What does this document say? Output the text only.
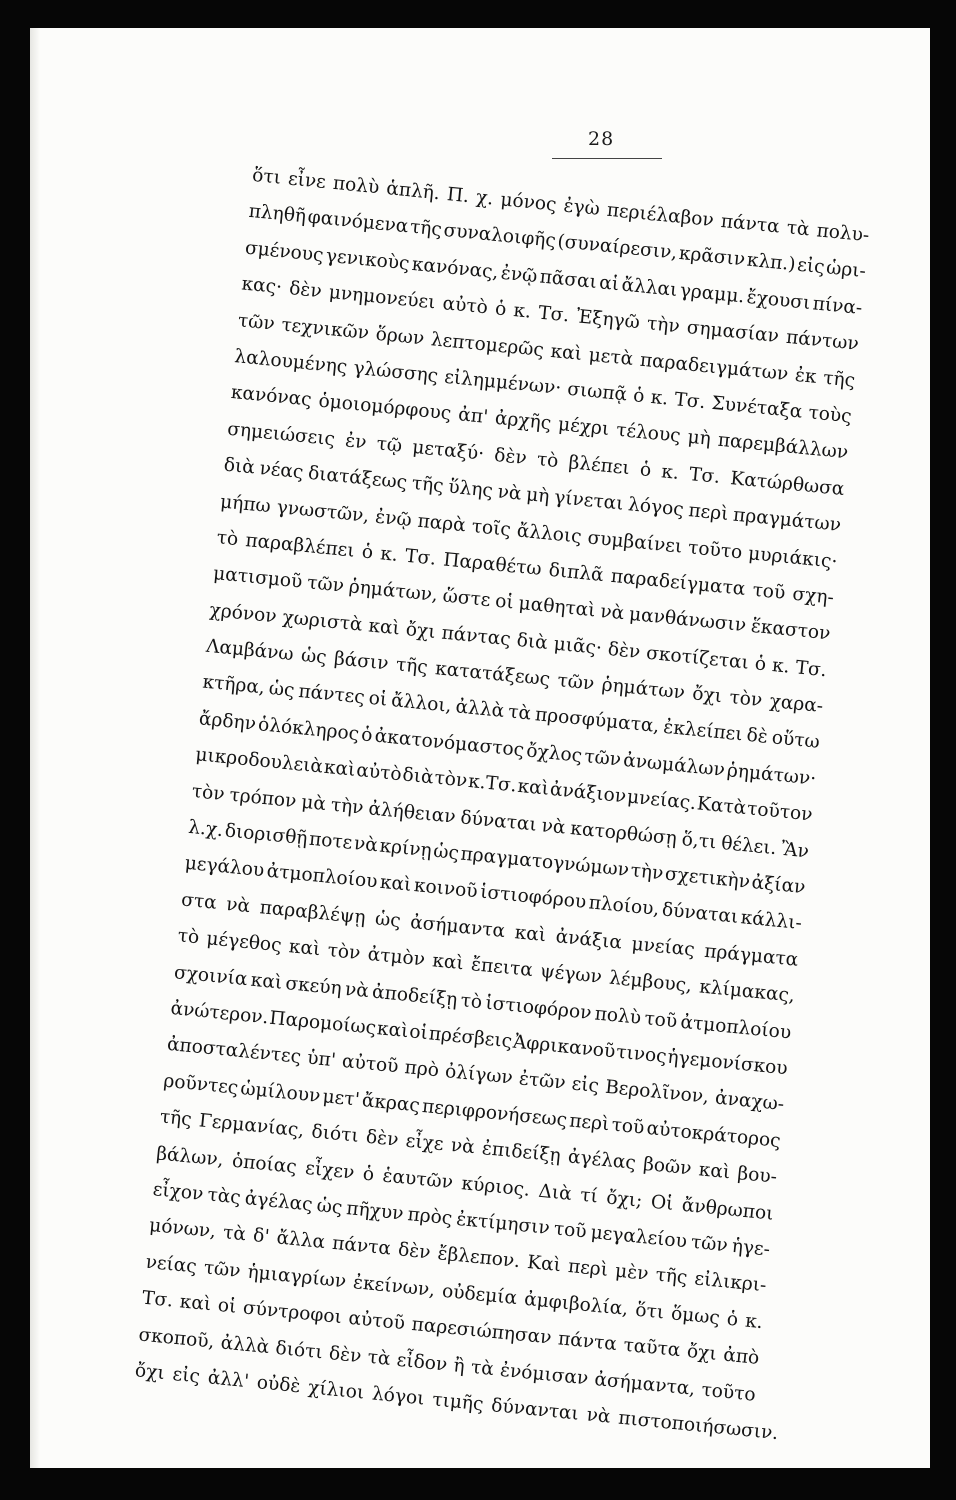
28
ὅτι εἶνε πολὺ ἁπλῆ. Π. χ. μόνος ἐγὼ περιέλαβον πάντα τὰ πολυ-
πληθῆ φαινόμενα τῆς συναλοιφῆς (συναίρεσιν, κρᾶσιν κλπ.) εἰς ὡρι-
σμένους γενικοὺς κανόνας, ἐνῷ πᾶσαι αἱ ἄλλαι γραμμ. ἔχουσι πίνα-
κας· δὲν μνημονεύει αὐτὸ ὁ κ. Τσ. Ἐξηγῶ τὴν σημασίαν πάντων
τῶν τεχνικῶν ὅρων λεπτομερῶς καὶ μετὰ παραδειγμάτων ἐκ τῆς
λαλουμένης γλώσσης εἰλημμένων· σιωπᾷ ὁ κ. Τσ. Συνέταξα τοὺς
κανόνας ὁμοιομόρφους ἀπ' ἀρχῆς μέχρι τέλους μὴ παρεμβάλλων
σημειώσεις ἐν τῷ μεταξύ· δὲν τὸ βλέπει ὁ κ. Τσ. Κατώρθωσα
διὰ νέας διατάξεως τῆς ὕλης νὰ μὴ γίνεται λόγος περὶ πραγμάτων
μήπω γνωστῶν, ἐνῷ παρὰ τοῖς ἄλλοις συμβαίνει τοῦτο μυριάκις·
τὸ παραβλέπει ὁ κ. Τσ. Παραθέτω διπλᾶ παραδείγματα τοῦ σχη-
ματισμοῦ τῶν ῥημάτων, ὥστε οἱ μαθηταὶ νὰ μανθάνωσιν ἕκαστον
χρόνον χωριστὰ καὶ ὄχι πάντας διὰ μιᾶς· δὲν σκοτίζεται ὁ κ. Τσ.
Λαμβάνω ὡς βάσιν τῆς κατατάξεως τῶν ῥημάτων ὄχι τὸν χαρα-
κτῆρα, ὡς πάντες οἱ ἄλλοι, ἀλλὰ τὰ προσφύματα, ἐκλείπει δὲ οὕτω
ἄρδην ὁλόκληρος ὁ ἀκατονόμαστος ὄχλος τῶν ἀνωμάλων ῥημάτων·
μικροδουλειὰ καὶ αὐτὸ διὰ τὸν κ.Τσ. καὶ ἀνάξιον μνείας. Κατὰ τοῦτον
τὸν τρόπον μὰ τὴν ἀλήθειαν δύναται νὰ κατορθώσῃ ὅ,τι θέλει. Ἂν
λ.χ. διορισθῇ ποτε νὰ κρίνῃ ὡς πραγματογνώμων τὴν σχετικὴν ἀξίαν
μεγάλου ἀτμοπλοίου καὶ κοινοῦ ἱστιοφόρου πλοίου, δύναται κάλλι-
στα νὰ παραβλέψῃ ὡς ἀσήμαντα καὶ ἀνάξια μνείας πράγματα
τὸ μέγεθος καὶ τὸν ἀτμὸν καὶ ἔπειτα ψέγων λέμβους, κλίμακας,
σχοινία καὶ σκεύη νὰ ἀποδείξῃ τὸ ἱστιοφόρον πολὺ τοῦ ἀτμοπλοίου
ἀνώτερον.
Παρομοίως
καὶ
οἱ
πρέσβεις
Ἀφρικανοῦ
τινος
ἡγεμονίσκου
ἀποσταλέντες ὑπ' αὐτοῦ πρὸ ὀλίγων ἐτῶν εἰς Βερολῖνον, ἀναχω-
ροῦντες ὡμίλουν μετ' ἄκρας περιφρονήσεως περὶ τοῦ αὐτοκράτορος
τῆς Γερμανίας, διότι δὲν εἶχε νὰ ἐπιδείξῃ ἀγέλας βοῶν καὶ βου-
βάλων, ὁποίας εἶχεν ὁ ἑαυτῶν κύριος. Διὰ τί ὄχι; Οἱ ἄνθρωποι
εἶχον τὰς ἀγέλας ὡς πῆχυν πρὸς ἐκτίμησιν τοῦ μεγαλείου τῶν ἡγε-
μόνων, τὰ δ' ἄλλα πάντα δὲν ἔβλεπον. Καὶ περὶ μὲν τῆς εἰλικρι-
νείας τῶν ἡμιαγρίων ἐκείνων, οὐδεμία ἀμφιβολία, ὅτι ὅμως ὁ κ.
Τσ. καὶ οἱ σύντροφοι αὐτοῦ παρεσιώπησαν πάντα ταῦτα ὄχι ἀπὸ
σκοποῦ, ἀλλὰ διότι δὲν τὰ εἶδον ἢ τὰ ἐνόμισαν ἀσήμαντα, τοῦτο
ὄχι εἰς ἀλλ' οὐδὲ χίλιοι λόγοι τιμῆς δύνανται νὰ πιστοποιήσωσιν.
